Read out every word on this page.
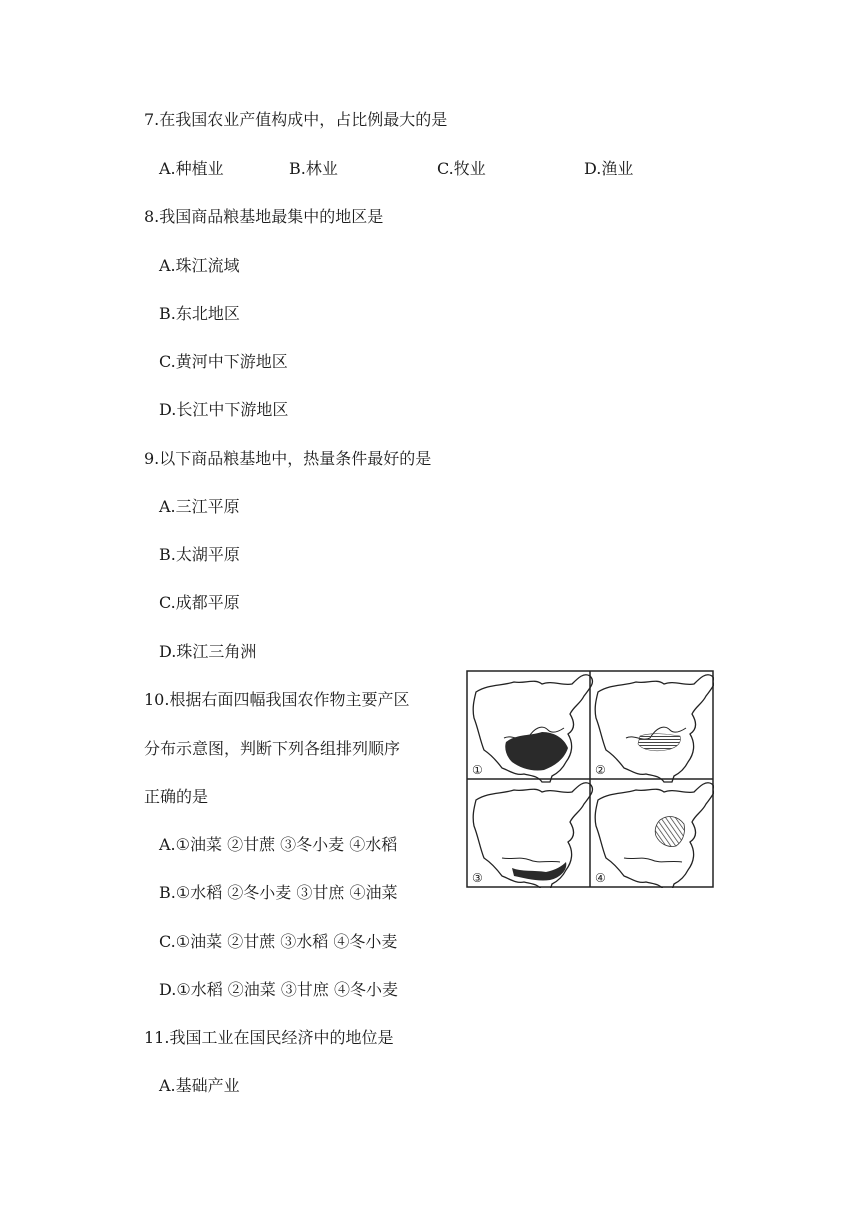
7.在我国农业产值构成中，占比例最大的是
A.种植业	B.林业	C.牧业	D.渔业
8.我国商品粮基地最集中的地区是
A.珠江流域
B.东北地区
C.黄河中下游地区
D.长江中下游地区
9.以下商品粮基地中，热量条件最好的是
A.三江平原
B.太湖平原
C.成都平原
D.珠江三角洲
10.根据右面四幅我国农作物主要产区
分布示意图，判断下列各组排列顺序
正确的是
A.①油菜 ②甘蔗 ③冬小麦 ④水稻
B.①水稻 ②冬小麦 ③甘庶 ④油菜
C.①油菜 ②甘蔗 ③水稻 ④冬小麦
D.①水稻 ②油菜 ③甘庶 ④冬小麦
①	②
③	④
11.我国工业在国民经济中的地位是
A.基础产业
